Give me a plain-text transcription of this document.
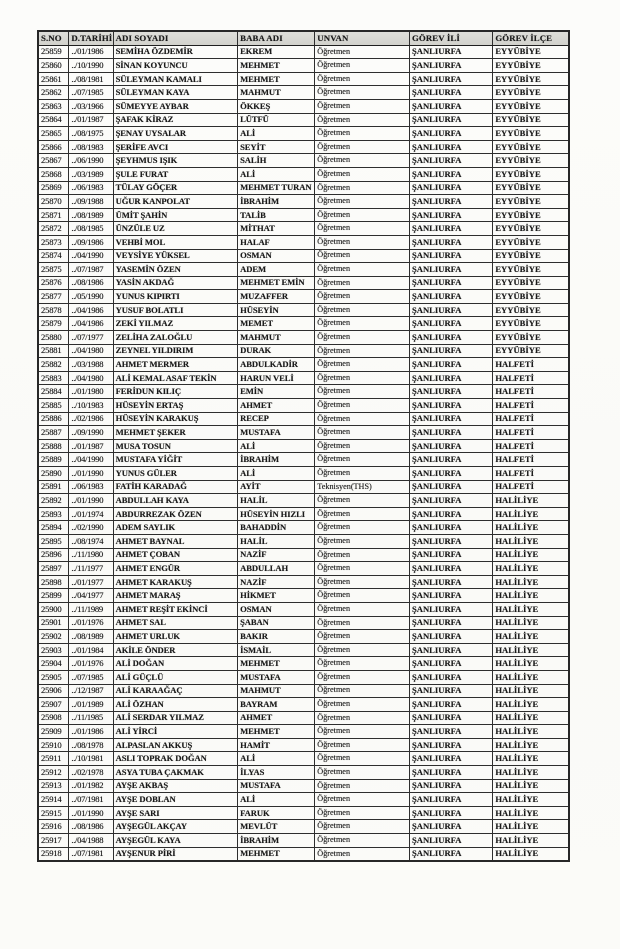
S.NO	D.TARİHİ	ADI SOYADI	BABA ADI	UNVAN	GÖREV İLİ	GÖREV İLÇE
25859	../01/1986	SEMİHA ÖZDEMİR	EKREM	Öğretmen	ŞANLIURFA	EYYÜBİYE
25860	../10/1990	SİNAN KOYUNCU	MEHMET	Öğretmen	ŞANLIURFA	EYYÜBİYE
25861	../08/1981	SÜLEYMAN KAMALI	MEHMET	Öğretmen	ŞANLIURFA	EYYÜBİYE
25862	../07/1985	SÜLEYMAN KAYA	MAHMUT	Öğretmen	ŞANLIURFA	EYYÜBİYE
25863	../03/1966	SÜMEYYE AYBAR	ÖKKEŞ	Öğretmen	ŞANLIURFA	EYYÜBİYE
25864	../01/1987	ŞAFAK KİRAZ	LÜTFÜ	Öğretmen	ŞANLIURFA	EYYÜBİYE
25865	../08/1975	ŞENAY UYSALAR	ALİ	Öğretmen	ŞANLIURFA	EYYÜBİYE
25866	../08/1983	ŞERİFE AVCI	SEYİT	Öğretmen	ŞANLIURFA	EYYÜBİYE
25867	../06/1990	ŞEYHMUS IŞIK	SALİH	Öğretmen	ŞANLIURFA	EYYÜBİYE
25868	../03/1989	ŞULE FURAT	ALİ	Öğretmen	ŞANLIURFA	EYYÜBİYE
25869	../06/1983	TÜLAY GÖÇER	MEHMET TURAN	Öğretmen	ŞANLIURFA	EYYÜBİYE
25870	../09/1988	UĞUR KANPOLAT	İBRAHİM	Öğretmen	ŞANLIURFA	EYYÜBİYE
25871	../08/1989	ÜMİT ŞAHİN	TALİB	Öğretmen	ŞANLIURFA	EYYÜBİYE
25872	../08/1985	ÜNZÜLE UZ	MİTHAT	Öğretmen	ŞANLIURFA	EYYÜBİYE
25873	../09/1986	VEHBİ MOL	HALAF	Öğretmen	ŞANLIURFA	EYYÜBİYE
25874	../04/1990	VEYSİYE YÜKSEL	OSMAN	Öğretmen	ŞANLIURFA	EYYÜBİYE
25875	../07/1987	YASEMİN ÖZEN	ADEM	Öğretmen	ŞANLIURFA	EYYÜBİYE
25876	../08/1986	YASİN AKDAĞ	MEHMET EMİN	Öğretmen	ŞANLIURFA	EYYÜBİYE
25877	../05/1990	YUNUS KIPIRTI	MUZAFFER	Öğretmen	ŞANLIURFA	EYYÜBİYE
25878	../04/1986	YUSUF BOLATLI	HÜSEYİN	Öğretmen	ŞANLIURFA	EYYÜBİYE
25879	../04/1986	ZEKİ YILMAZ	MEMET	Öğretmen	ŞANLIURFA	EYYÜBİYE
25880	../07/1977	ZELİHA ZALOĞLU	MAHMUT	Öğretmen	ŞANLIURFA	EYYÜBİYE
25881	../04/1980	ZEYNEL YILDIRIM	DURAK	Öğretmen	ŞANLIURFA	EYYÜBİYE
25882	../03/1988	AHMET MERMER	ABDULKADİR	Öğretmen	ŞANLIURFA	HALFETİ
25883	../04/1980	ALİ KEMAL ASAF TEKİN	HARUN VELİ	Öğretmen	ŞANLIURFA	HALFETİ
25884	../01/1980	FERİDUN KILIÇ	EMİN	Öğretmen	ŞANLIURFA	HALFETİ
25885	../10/1983	HÜSEYİN ERTAŞ	AHMET	Öğretmen	ŞANLIURFA	HALFETİ
25886	../02/1986	HÜSEYİN KARAKUŞ	RECEP	Öğretmen	ŞANLIURFA	HALFETİ
25887	../09/1990	MEHMET ŞEKER	MUSTAFA	Öğretmen	ŞANLIURFA	HALFETİ
25888	../01/1987	MUSA TOSUN	ALİ	Öğretmen	ŞANLIURFA	HALFETİ
25889	../04/1990	MUSTAFA YİĞİT	İBRAHİM	Öğretmen	ŞANLIURFA	HALFETİ
25890	../01/1990	YUNUS GÜLER	ALİ	Öğretmen	ŞANLIURFA	HALFETİ
25891	../06/1983	FATİH KARADAĞ	AYİT	Teknisyen(THS)	ŞANLIURFA	HALFETİ
25892	../01/1990	ABDULLAH KAYA	HALİL	Öğretmen	ŞANLIURFA	HALİLİYE
25893	../01/1974	ABDURREZAK ÖZEN	HÜSEYİN HIZLI	Öğretmen	ŞANLIURFA	HALİLİYE
25894	../02/1990	ADEM SAYLIK	BAHADDİN	Öğretmen	ŞANLIURFA	HALİLİYE
25895	../08/1974	AHMET BAYNAL	HALİL	Öğretmen	ŞANLIURFA	HALİLİYE
25896	../11/1980	AHMET ÇOBAN	NAZİF	Öğretmen	ŞANLIURFA	HALİLİYE
25897	../11/1977	AHMET ENGÜR	ABDULLAH	Öğretmen	ŞANLIURFA	HALİLİYE
25898	../01/1977	AHMET KARAKUŞ	NAZİF	Öğretmen	ŞANLIURFA	HALİLİYE
25899	../04/1977	AHMET MARAŞ	HİKMET	Öğretmen	ŞANLIURFA	HALİLİYE
25900	../11/1989	AHMET REŞİT EKİNCİ	OSMAN	Öğretmen	ŞANLIURFA	HALİLİYE
25901	../01/1976	AHMET SAL	ŞABAN	Öğretmen	ŞANLIURFA	HALİLİYE
25902	../08/1989	AHMET URLUK	BAKIR	Öğretmen	ŞANLIURFA	HALİLİYE
25903	../01/1984	AKİLE ÖNDER	İSMAİL	Öğretmen	ŞANLIURFA	HALİLİYE
25904	../01/1976	ALİ DOĞAN	MEHMET	Öğretmen	ŞANLIURFA	HALİLİYE
25905	../07/1985	ALİ GÜÇLÜ	MUSTAFA	Öğretmen	ŞANLIURFA	HALİLİYE
25906	../12/1987	ALİ KARAAĞAÇ	MAHMUT	Öğretmen	ŞANLIURFA	HALİLİYE
25907	../01/1989	ALİ ÖZHAN	BAYRAM	Öğretmen	ŞANLIURFA	HALİLİYE
25908	../11/1985	ALİ SERDAR YILMAZ	AHMET	Öğretmen	ŞANLIURFA	HALİLİYE
25909	../01/1986	ALİ YİRCİ	MEHMET	Öğretmen	ŞANLIURFA	HALİLİYE
25910	../08/1978	ALPASLAN AKKUŞ	HAMİT	Öğretmen	ŞANLIURFA	HALİLİYE
25911	../10/1981	ASLI TOPRAK DOĞAN	ALİ	Öğretmen	ŞANLIURFA	HALİLİYE
25912	../02/1978	ASYA TUBA ÇAKMAK	İLYAS	Öğretmen	ŞANLIURFA	HALİLİYE
25913	../01/1982	AYŞE AKBAŞ	MUSTAFA	Öğretmen	ŞANLIURFA	HALİLİYE
25914	../07/1981	AYŞE DOBLAN	ALİ	Öğretmen	ŞANLIURFA	HALİLİYE
25915	../01/1990	AYŞE SARI	FARUK	Öğretmen	ŞANLIURFA	HALİLİYE
25916	../08/1986	AYŞEGÜL AKÇAY	MEVLÜT	Öğretmen	ŞANLIURFA	HALİLİYE
25917	../04/1988	AYŞEGÜL KAYA	İBRAHİM	Öğretmen	ŞANLIURFA	HALİLİYE
25918	../07/1981	AYŞENUR PİRİ	MEHMET	Öğretmen	ŞANLIURFA	HALİLİYE
